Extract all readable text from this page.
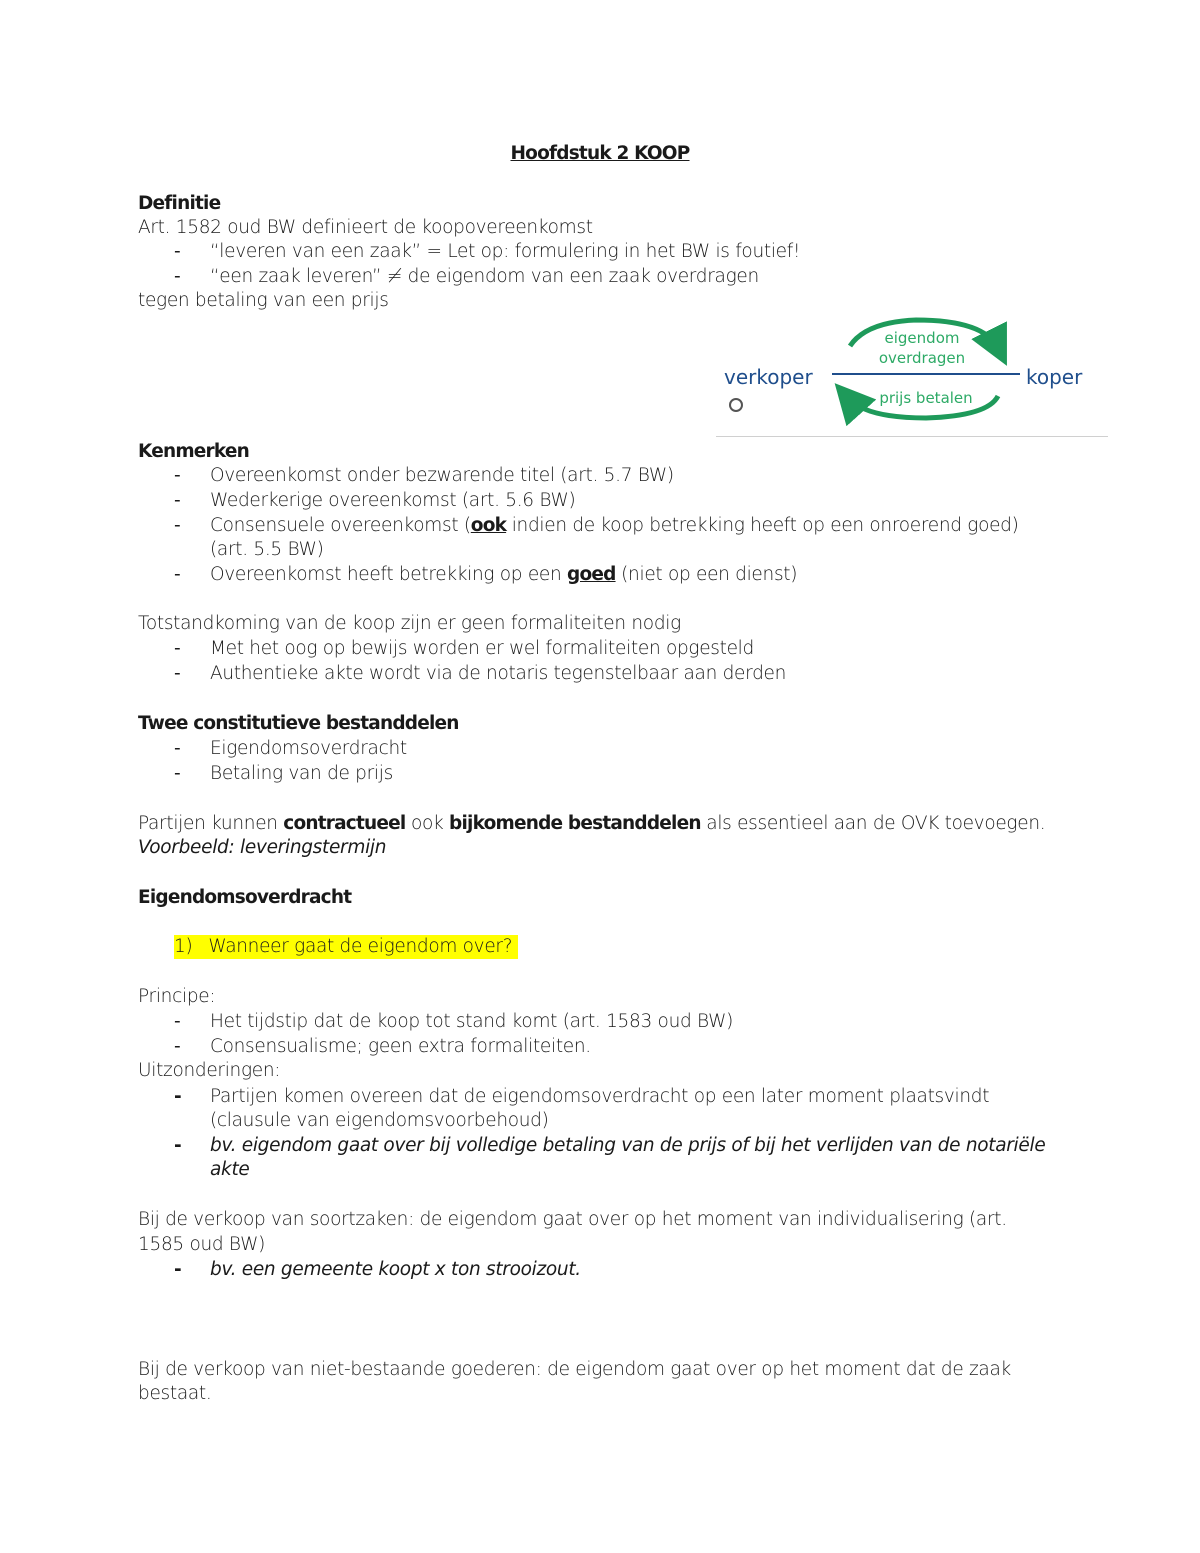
Hoofdstuk 2 KOOP
Definitie
Art. 1582 oud BW definieert de koopovereenkomst
- “leveren van een zaak” = Let op: formulering in het BW is foutief!
- “een zaak leveren” ≠ de eigendom van een zaak overdragen
tegen betaling van een prijs
verkoper	koper
eigendom
overdragen
prijs betalen
Kenmerken
- Overeenkomst onder bezwarende titel (art. 5.7 BW)
- Wederkerige overeenkomst (art. 5.6 BW)
- Consensuele overeenkomst (ook indien de koop betrekking heeft op een onroerend goed)
(art. 5.5 BW)
- Overeenkomst heeft betrekking op een goed (niet op een dienst)
Totstandkoming van de koop zijn er geen formaliteiten nodig
- Met het oog op bewijs worden er wel formaliteiten opgesteld
- Authentieke akte wordt via de notaris tegenstelbaar aan derden
Twee constitutieve bestanddelen
- Eigendomsoverdracht
- Betaling van de prijs
Partijen kunnen contractueel ook bijkomende bestanddelen als essentieel aan de OVK toevoegen.
Voorbeeld: leveringstermijn
Eigendomsoverdracht
1) Wanneer gaat de eigendom over?
Principe:
- Het tijdstip dat de koop tot stand komt (art. 1583 oud BW)
- Consensualisme; geen extra formaliteiten.
Uitzonderingen:
- Partijen komen overeen dat de eigendomsoverdracht op een later moment plaatsvindt
(clausule van eigendomsvoorbehoud)
- bv. eigendom gaat over bij volledige betaling van de prijs of bij het verlijden van de notariële
akte
Bij de verkoop van soortzaken: de eigendom gaat over op het moment van individualisering (art.
1585 oud BW)
- bv. een gemeente koopt x ton strooizout.
Bij de verkoop van niet-bestaande goederen: de eigendom gaat over op het moment dat de zaak
bestaat.
